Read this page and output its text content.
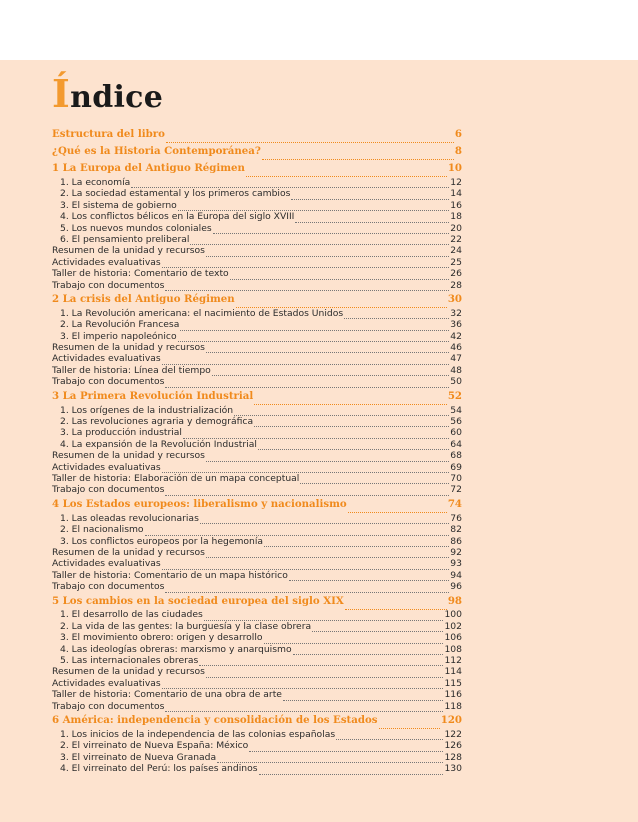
Índice
Estructura del libro	6
¿Qué es la Historia Contemporánea?	8
1 La Europa del Antiguo Régimen	10
1. La economía	12
2. La sociedad estamental y los primeros cambios	14
3. El sistema de gobierno	16
4. Los conflictos bélicos en la Europa del siglo XVIII	18
5. Los nuevos mundos coloniales	20
6. El pensamiento preliberal	22
Resumen de la unidad y recursos	24
Actividades evaluativas	25
Taller de historia: Comentario de texto	26
Trabajo con documentos	28
2 La crisis del Antiguo Régimen	30
1. La Revolución americana: el nacimiento de Estados Unidos	32
2. La Revolución Francesa	36
3. El imperio napoleónico	42
Resumen de la unidad y recursos	46
Actividades evaluativas	47
Taller de historia: Línea del tiempo	48
Trabajo con documentos	50
3 La Primera Revolución Industrial	52
1. Los orígenes de la industrialización	54
2. Las revoluciones agraria y demográfica	56
3. La producción industrial	60
4. La expansión de la Revolución Industrial	64
Resumen de la unidad y recursos	68
Actividades evaluativas	69
Taller de historia: Elaboración de un mapa conceptual	70
Trabajo con documentos	72
4 Los Estados europeos: liberalismo y nacionalismo	74
1. Las oleadas revolucionarias	76
2. El nacionalismo	82
3. Los conflictos europeos por la hegemonía	86
Resumen de la unidad y recursos	92
Actividades evaluativas	93
Taller de historia: Comentario de un mapa histórico	94
Trabajo con documentos	96
5 Los cambios en la sociedad europea del siglo XIX	98
1. El desarrollo de las ciudades	100
2. La vida de las gentes: la burguesía y la clase obrera	102
3. El movimiento obrero: origen y desarrollo	106
4. Las ideologías obreras: marxismo y anarquismo	108
5. Las internacionales obreras	112
Resumen de la unidad y recursos	114
Actividades evaluativas	115
Taller de historia: Comentario de una obra de arte	116
Trabajo con documentos	118
6 América: independencia y consolidación de los Estados	120
1. Los inicios de la independencia de las colonias españolas	122
2. El virreinato de Nueva España: México	126
3. El virreinato de Nueva Granada	128
4. El virreinato del Perú: los países andinos	130
